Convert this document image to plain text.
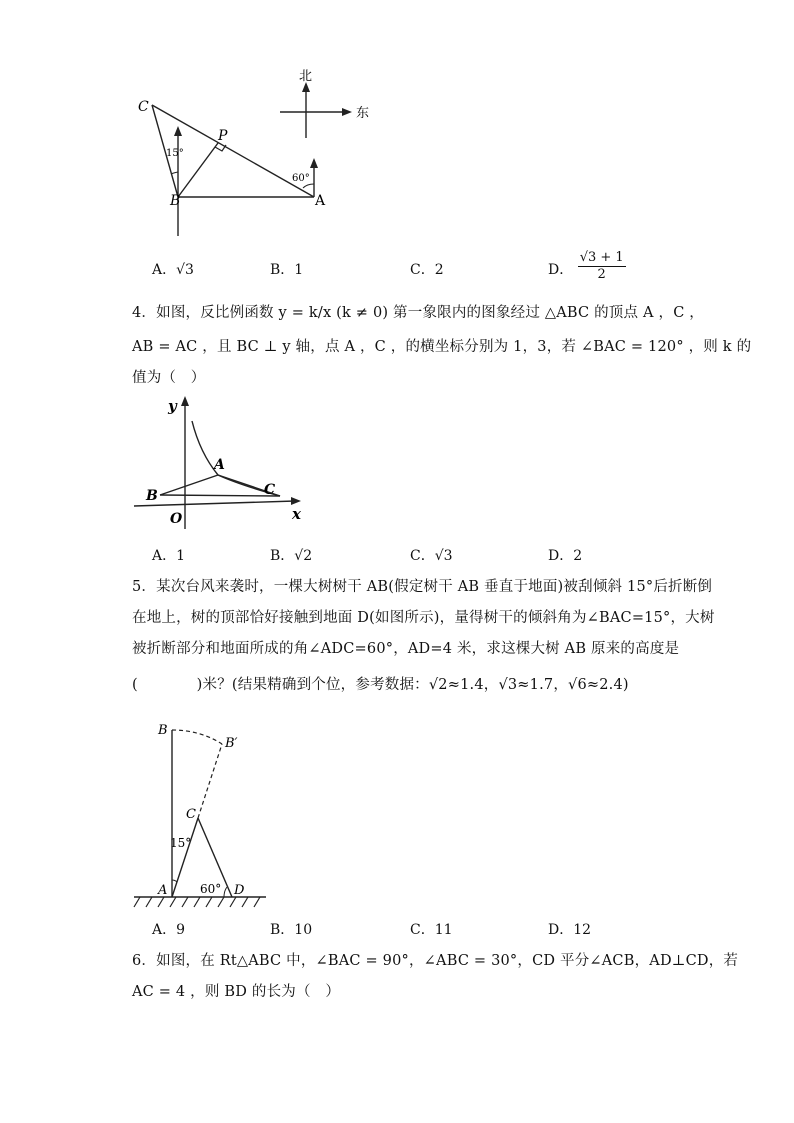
北
东
15°
60°
C
P
B	A
A．√3	B．1	C．2	D． $\frac{√3 + 1}{2}$
4．如图，反比例函数 y = k/x (k ≠ 0) 第一象限内的图象经过 △ABC 的顶点 A ，C ，
AB = AC ，且 BC ⊥ y 轴，点 A ，C ，的横坐标分别为 1，3，若 ∠BAC = 120° ，则 k 的
值为（　）
y
x
O
A
B	C
A．1	B．√2	C．√3	D．2
5．某次台风来袭时，一棵大树树干 AB(假定树干 AB 垂直于地面)被刮倾斜 15°后折断倒
在地上，树的顶部恰好接触到地面 D(如图所示)，量得树干的倾斜角为∠BAC=15°，大树
被折断部分和地面所成的角∠ADC=60°，AD=4 米，求这棵大树 AB 原来的高度是
(　　　　)米？(结果精确到个位，参考数据：√2≈1.4，√3≈1.7，√6≈2.4)
B
B′
C
A	D
15°
60°
A．9	B．10	C．11	D．12
6．如图，在 Rt△ABC 中，∠BAC = 90°，∠ABC = 30°，CD 平分∠ACB，AD⊥CD，若
AC = 4 ，则 BD 的长为（　）
